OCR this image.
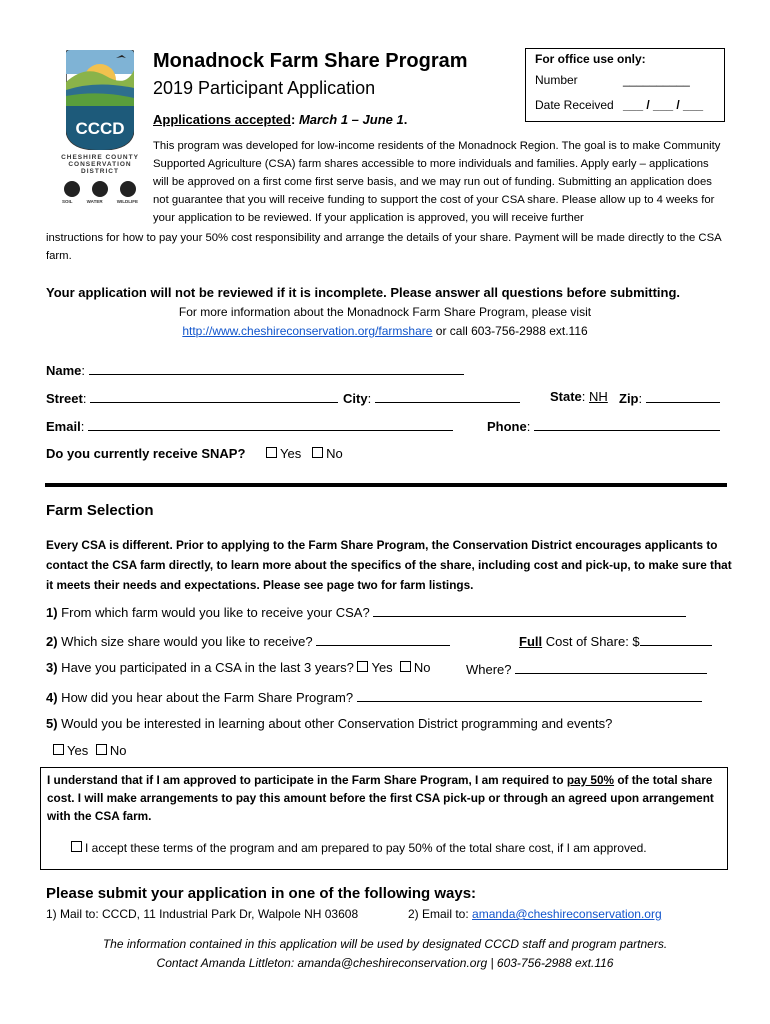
CCCD
CHESHIRE COUNTY
CONSERVATION DISTRICT
SOIL	WATER	WILDLIFE
Monadnock Farm Share Program
2019 Participant Application
Applications accepted: March 1 – June 1.
For office use only:
Number	__________
Date Received ___ / ___ / ___
This program was developed for low-income residents of the Monadnock Region. The goal is to make Community Supported Agriculture (CSA) farm shares accessible to more individuals and families. Apply early – applications will be approved on a first come first serve basis, and we may run out of funding. Submitting an application does not guarantee that you will receive funding to support the cost of your CSA share. Please allow up to 4 weeks for your application to be reviewed. If your application is approved, you will receive further
instructions for how to pay your 50% cost responsibility and arrange the details of your share. Payment will be made directly to the CSA farm.
Your application will not be reviewed if it is incomplete. Please answer all questions before submitting.
For more information about the Monadnock Farm Share Program, please visit
http://www.cheshireconservation.org/farmshare or call 603-756-2988 ext.116
Name:
Street:	City:	State: NH Zip:
Email:	Phone:
Do you currently receive SNAP?	Yes No
Farm Selection
Every CSA is different. Prior to applying to the Farm Share Program, the Conservation District encourages applicants to contact the CSA farm directly, to learn more about the specifics of the share, including cost and pick-up, to make sure that it meets their needs and expectations. Please see page two for farm listings.
1) From which farm would you like to receive your CSA?
2) Which size share would you like to receive?	Full Cost of Share: $
3) Have you participated in a CSA in the last 3 years? Yes No	Where?
4) How did you hear about the Farm Share Program?
5) Would you be interested in learning about other Conservation District programming and events?
Yes No
I understand that if I am approved to participate in the Farm Share Program, I am required to pay 50% of the total share cost. I will make arrangements to pay this amount before the first CSA pick-up or through an agreed upon arrangement with the CSA farm.
I accept these terms of the program and am prepared to pay 50% of the total share cost, if I am approved.
Please submit your application in one of the following ways:
1) Mail to: CCCD, 11 Industrial Park Dr, Walpole NH 03608	2) Email to: amanda@cheshireconservation.org
The information contained in this application will be used by designated CCCD staff and program partners.
Contact Amanda Littleton: amanda@cheshireconservation.org | 603-756-2988 ext.116
